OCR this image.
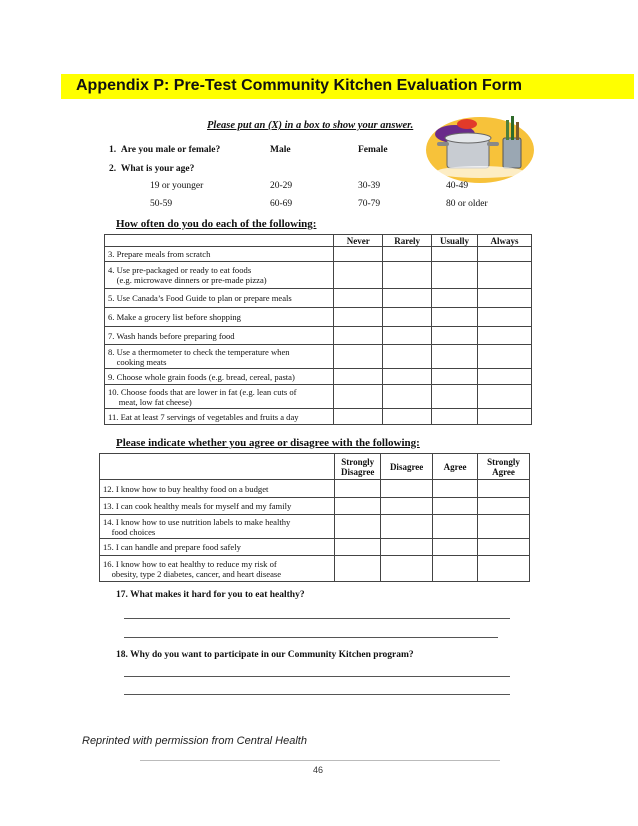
Appendix P: Pre-Test Community Kitchen Evaluation Form
Please put an (X) in a box to show your answer.
1. Are you male or female?	Male	Female
2. What is your age?
19 or younger	20-29	30-39	40-49
50-59	60-69	70-79	80 or older
How often do you do each of the following:
	Never	Rarely	Usually	Always
3. Prepare meals from scratch				
4. Use pre-packaged or ready to eat foods
(e.g. microwave dinners or pre-made pizza)				
5. Use Canada’s Food Guide to plan or prepare meals				
6. Make a grocery list before shopping				
7. Wash hands before preparing food				
8. Use a thermometer to check the temperature when
cooking meats				
9. Choose whole grain foods (e.g. bread, cereal, pasta)				
10. Choose foods that are lower in fat (e.g. lean cuts of
meat, low fat cheese)				
11. Eat at least 7 servings of vegetables and fruits a day				
Please indicate whether you agree or disagree with the following:
	Strongly Disagree	Disagree	Agree	Strongly Agree
12. I know how to buy healthy food on a budget				
13. I can cook healthy meals for myself and my family				
14. I know how to use nutrition labels to make healthy
food choices				
15. I can handle and prepare food safely				
16. I know how to eat healthy to reduce my risk of
obesity, type 2 diabetes, cancer, and heart disease				
17. What makes it hard for you to eat healthy?
18. Why do you want to participate in our Community Kitchen program?
Reprinted with permission from Central Health
46
